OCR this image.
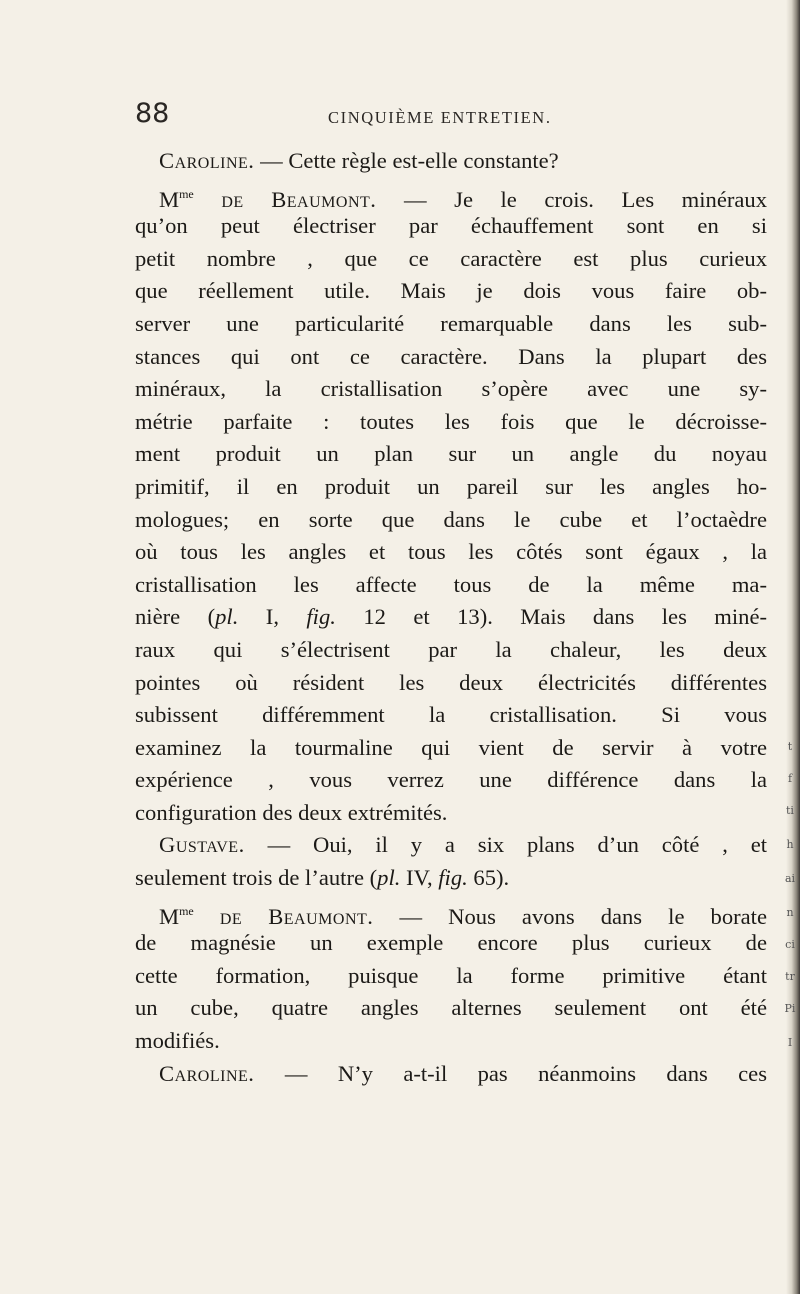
t
f
ti
h
ai
n
ci
tr
Pi
I
88	CINQUIÈME ENTRETIEN.
Caroline. — Cette règle est-elle constante?
$M^{me}$ de Beaumont. — Je le crois. Les minéraux
qu’on peut électriser par échauffement sont en si
petit nombre , que ce caractère est plus curieux
que réellement utile. Mais je dois vous faire ob-
server une particularité remarquable dans les sub-
stances qui ont ce caractère. Dans la plupart des
minéraux, la cristallisation s’opère avec une sy-
métrie parfaite : toutes les fois que le décroisse-
ment produit un plan sur un angle du noyau
primitif, il en produit un pareil sur les angles ho-
mologues; en sorte que dans le cube et l’octaèdre
où tous les angles et tous les côtés sont égaux , la
cristallisation les affecte tous de la même ma-
nière (pl. I, fig. 12 et 13). Mais dans les miné-
raux qui s’électrisent par la chaleur, les deux
pointes où résident les deux électricités différentes
subissent différemment la cristallisation. Si vous
examinez la tourmaline qui vient de servir à votre
expérience , vous verrez une différence dans la
configuration des deux extrémités.
Gustave. — Oui, il y a six plans d’un côté , et
seulement trois de l’autre (pl. IV, fig. 65).
$M^{me}$ de Beaumont. — Nous avons dans le borate
de magnésie un exemple encore plus curieux de
cette formation, puisque la forme primitive étant
un cube, quatre angles alternes seulement ont été
modifiés.
Caroline. — N’y a-t-il pas néanmoins dans ces
